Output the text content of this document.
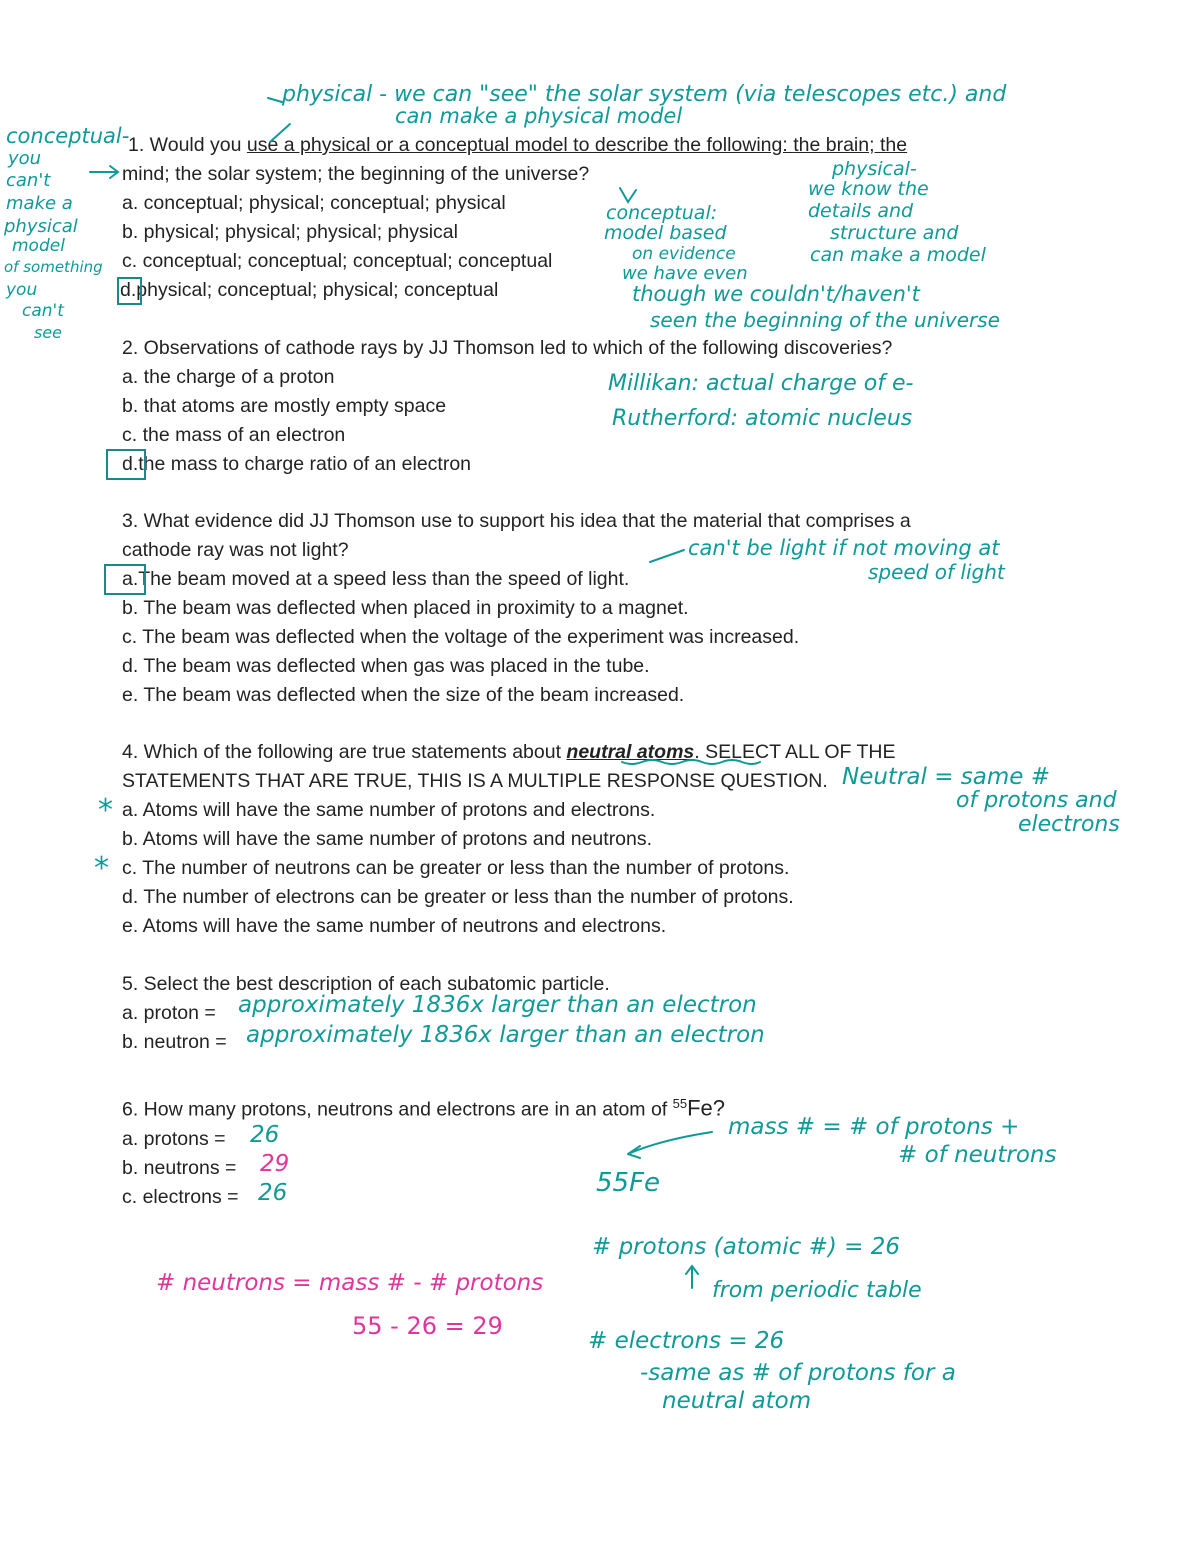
1. Would you use a physical or a conceptual model to describe the following: the brain; the
mind; the solar system; the beginning of the universe?
a. conceptual; physical; conceptual; physical
b. physical; physical; physical; physical
c. conceptual; conceptual; conceptual; conceptual
d.physical; conceptual; physical; conceptual
physical - we can "see" the solar system (via telescopes etc.) and
can make a physical model
conceptual-
you
can't
make a
physical
model
of something
you
can't
see
physical-
we know the
details and
structure and
can make a model
conceptual:
model based
on evidence
we have even
though we couldn't/haven't
seen the beginning of the universe
2. Observations of cathode rays by JJ Thomson led to which of the following discoveries?
a. the charge of a proton
b. that atoms are mostly empty space
c. the mass of an electron
d.the mass to charge ratio of an electron
Millikan: actual charge of e-
Rutherford: atomic nucleus
3. What evidence did JJ Thomson use to support his idea that the material that comprises a
cathode ray was not light?
a.The beam moved at a speed less than the speed of light.
b. The beam was deflected when placed in proximity to a magnet.
c. The beam was deflected when the voltage of the experiment was increased.
d. The beam was deflected when gas was placed in the tube.
e. The beam was deflected when the size of the beam increased.
can't be light if not moving at
speed of light
4. Which of the following are true statements about neutral atoms. SELECT ALL OF THE
STATEMENTS THAT ARE TRUE, THIS IS A MULTIPLE RESPONSE QUESTION.
* a. Atoms will have the same number of protons and electrons.
b. Atoms will have the same number of protons and neutrons.
* c. The number of neutrons can be greater or less than the number of protons.
d. The number of electrons can be greater or less than the number of protons.
e. Atoms will have the same number of neutrons and electrons.
Neutral = same #
of protons and
electrons
5. Select the best description of each subatomic particle.
a. proton = approximately 1836x larger than an electron
b. neutron = approximately 1836x larger than an electron
6. How many protons, neutrons and electrons are in an atom of $^{55}$Fe?
a. protons = 26
b. neutrons = 29
c. electrons = 26
mass # = # of protons +
# of neutrons
55Fe
# protons (atomic #) = 26
from periodic table
# electrons = 26
-same as # of protons for a
neutral atom
# neutrons = mass # - # protons
55 - 26 = 29
